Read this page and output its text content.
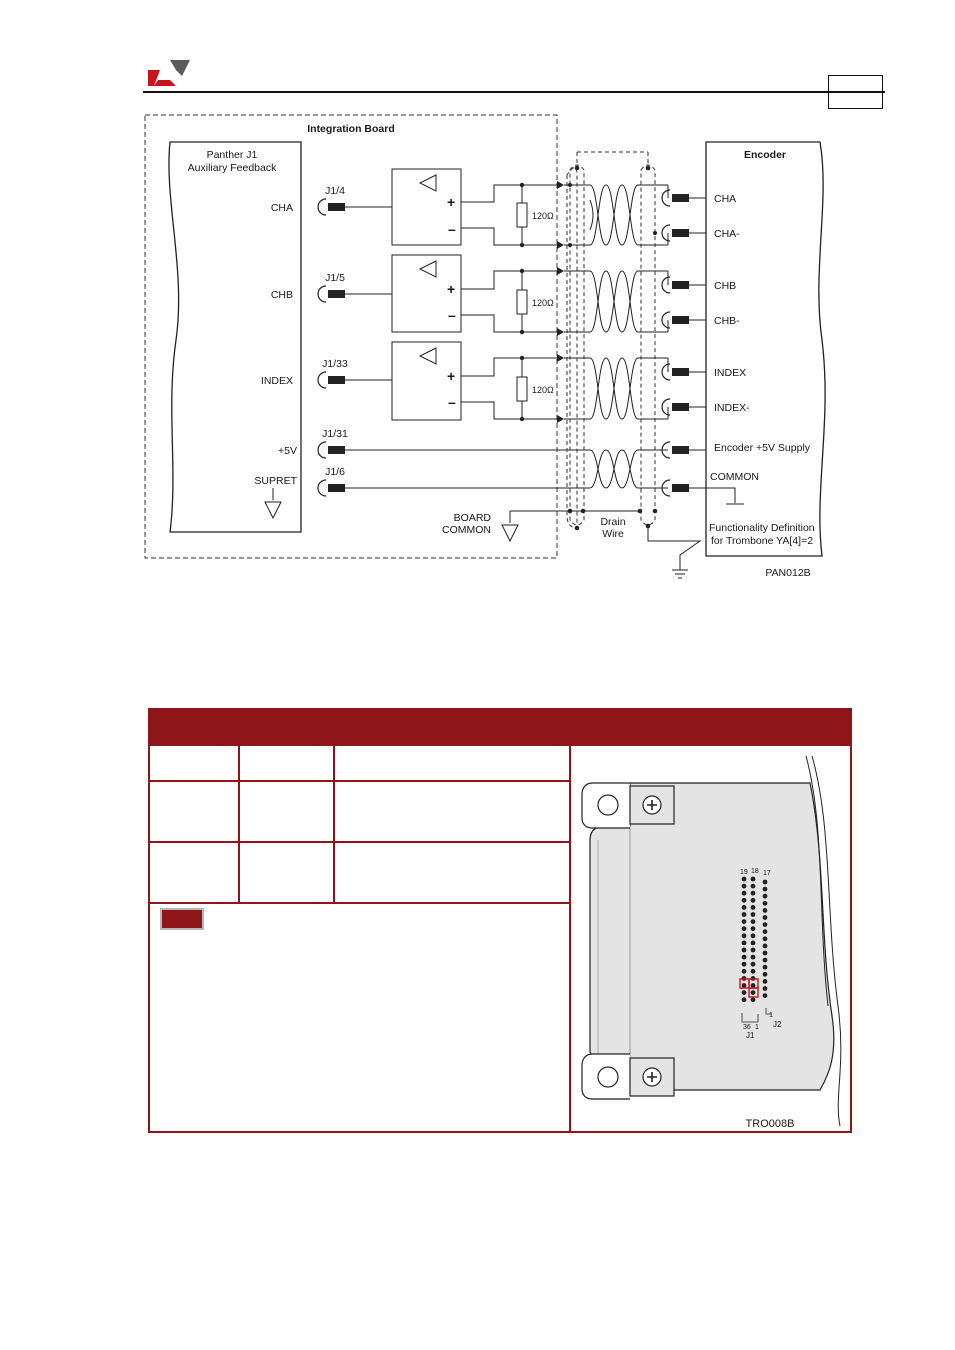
Integration Board
Panther J1
Auxiliary Feedback
CHA
CHB
INDEX
+5V
SUPRET
J1/4
J1/5
J1/33
J1/31
J1/6
+
–
+
–
+
–
120Ω
120Ω
120Ω
BOARD
COMMON
Drain
Wire
Encoder
CHA
CHA-
CHB
CHB-
INDEX
INDEX-
Encoder +5V Supply
COMMON
Functionality Definition
for Trombone YA[4]=2
PAN012B
19 18 17
36 1
1
J1
J2
TRO008B
